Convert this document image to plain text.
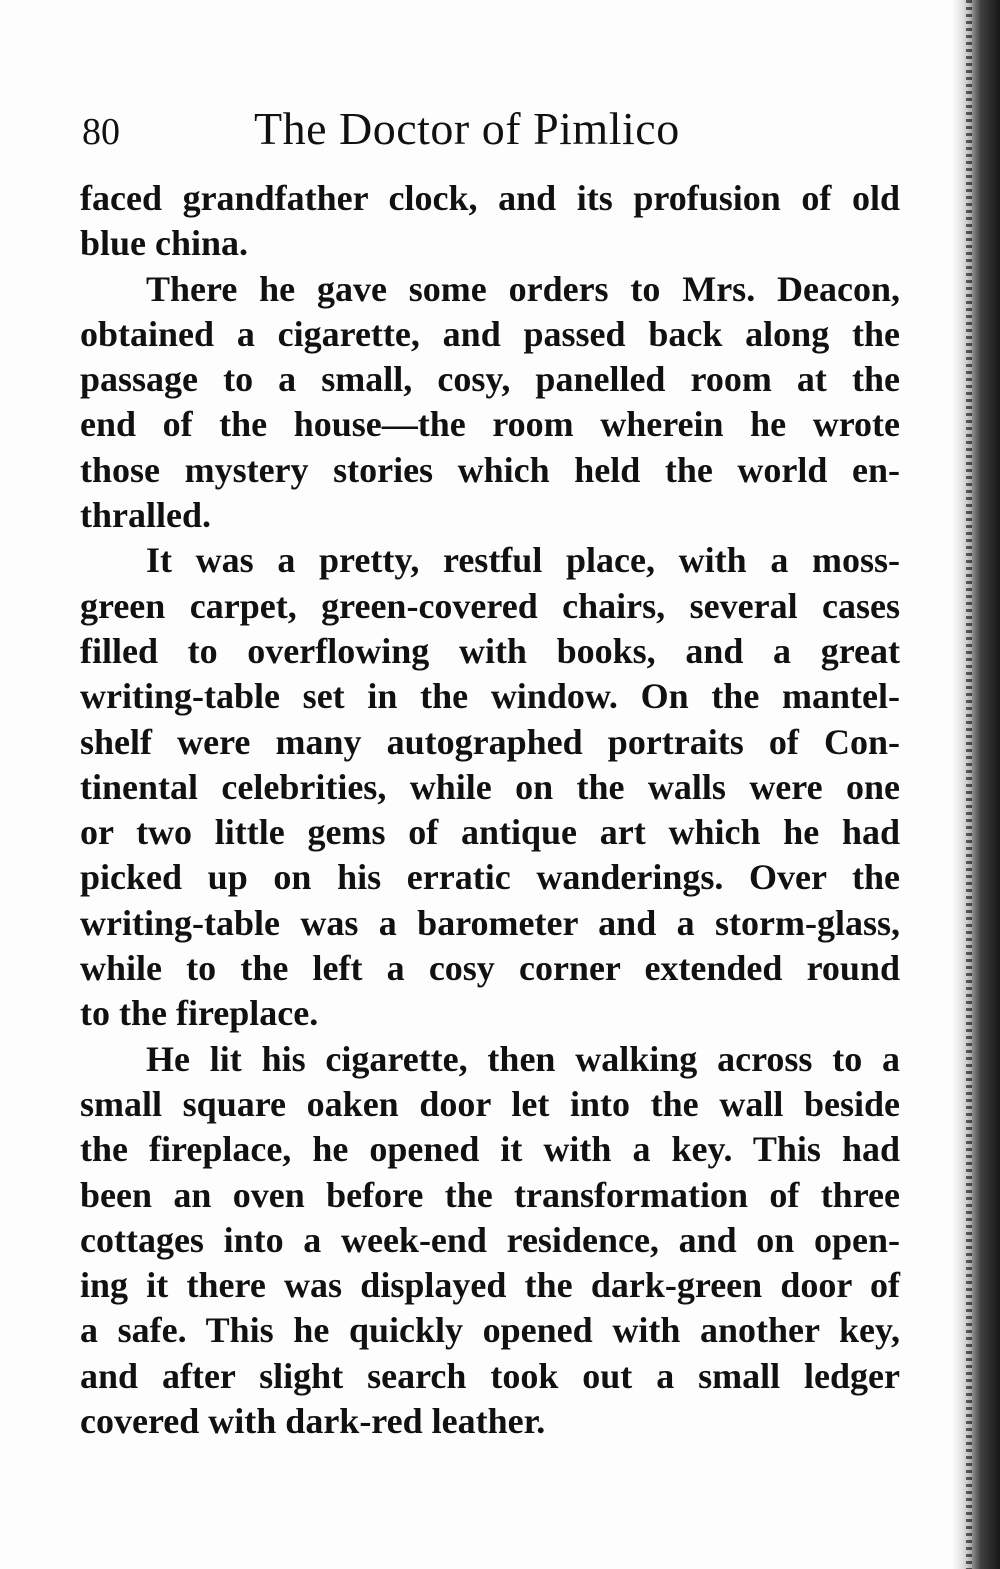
80	The Doctor of Pimlico
faced grandfather clock, and its profusion of old
blue china.
There he gave some orders to Mrs. Deacon,
obtained a cigarette, and passed back along the
passage to a small, cosy, panelled room at the
end of the house—the room wherein he wrote
those mystery stories which held the world en-
thralled.
It was a pretty, restful place, with a moss-
green carpet, green-covered chairs, several cases
filled to overflowing with books, and a great
writing-table set in the window. On the mantel-
shelf were many autographed portraits of Con-
tinental celebrities, while on the walls were one
or two little gems of antique art which he had
picked up on his erratic wanderings. Over the
writing-table was a barometer and a storm-glass,
while to the left a cosy corner extended round
to the fireplace.
He lit his cigarette, then walking across to a
small square oaken door let into the wall beside
the fireplace, he opened it with a key. This had
been an oven before the transformation of three
cottages into a week-end residence, and on open-
ing it there was displayed the dark-green door of
a safe. This he quickly opened with another key,
and after slight search took out a small ledger
covered with dark-red leather.
